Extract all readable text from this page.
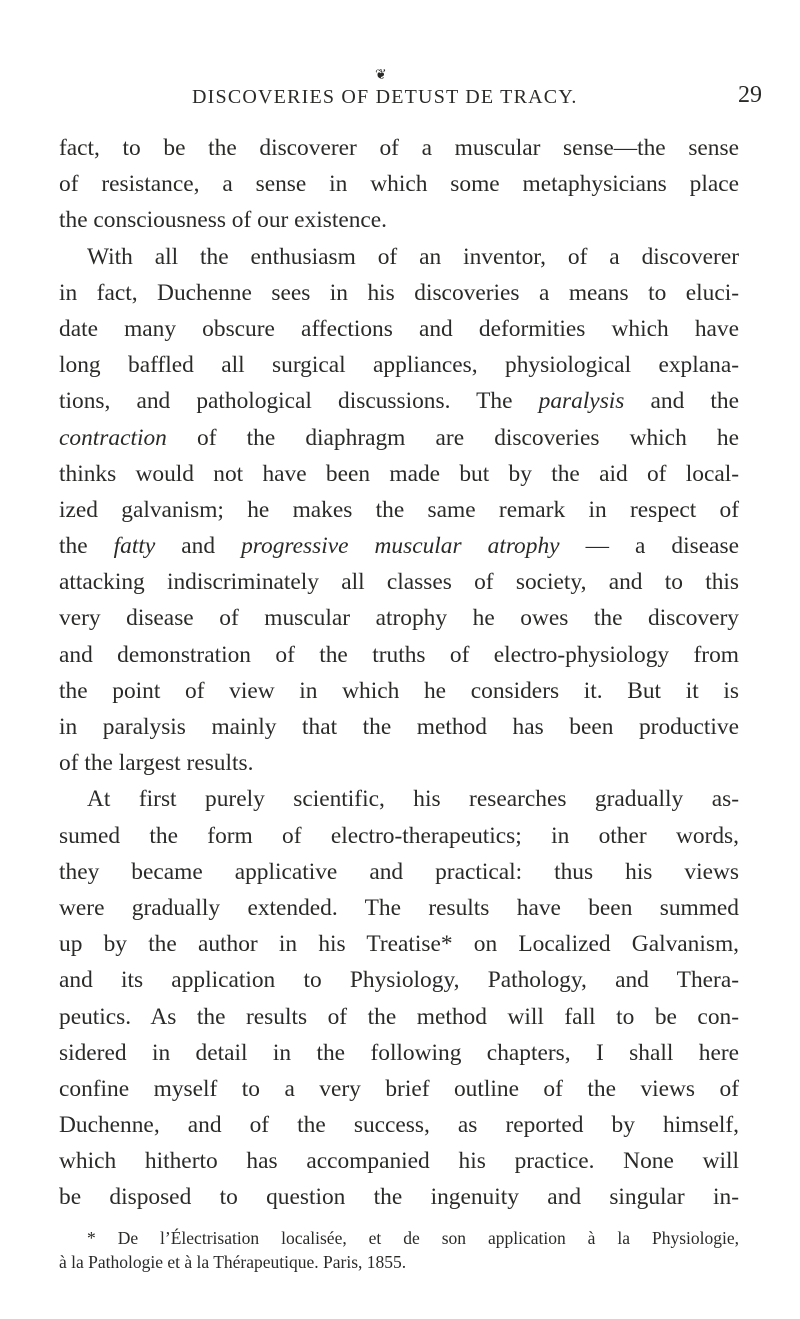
❦
DISCOVERIES OF DETUST DE TRACY.	29
fact, to be the discoverer of a muscular sense—the sense
of resistance, a sense in which some metaphysicians place
the consciousness of our existence.
With all the enthusiasm of an inventor, of a discoverer
in fact, Duchenne sees in his discoveries a means to eluci-
date many obscure affections and deformities which have
long baffled all surgical appliances, physiological explana-
tions, and pathological discussions. The paralysis and the
contraction of the diaphragm are discoveries which he
thinks would not have been made but by the aid of local-
ized galvanism; he makes the same remark in respect of
the fatty and progressive muscular atrophy — a disease
attacking indiscriminately all classes of society, and to this
very disease of muscular atrophy he owes the discovery
and demonstration of the truths of electro-physiology from
the point of view in which he considers it. But it is
in paralysis mainly that the method has been productive
of the largest results.
At first purely scientific, his researches gradually as-
sumed the form of electro-therapeutics; in other words,
they became applicative and practical: thus his views
were gradually extended. The results have been summed
up by the author in his Treatise* on Localized Galvanism,
and its application to Physiology, Pathology, and Thera-
peutics. As the results of the method will fall to be con-
sidered in detail in the following chapters, I shall here
confine myself to a very brief outline of the views of
Duchenne, and of the success, as reported by himself,
which hitherto has accompanied his practice. None will
be disposed to question the ingenuity and singular in-
* De l’Électrisation localisée, et de son application à la Physiologie,
à la Pathologie et à la Thérapeutique. Paris, 1855.
